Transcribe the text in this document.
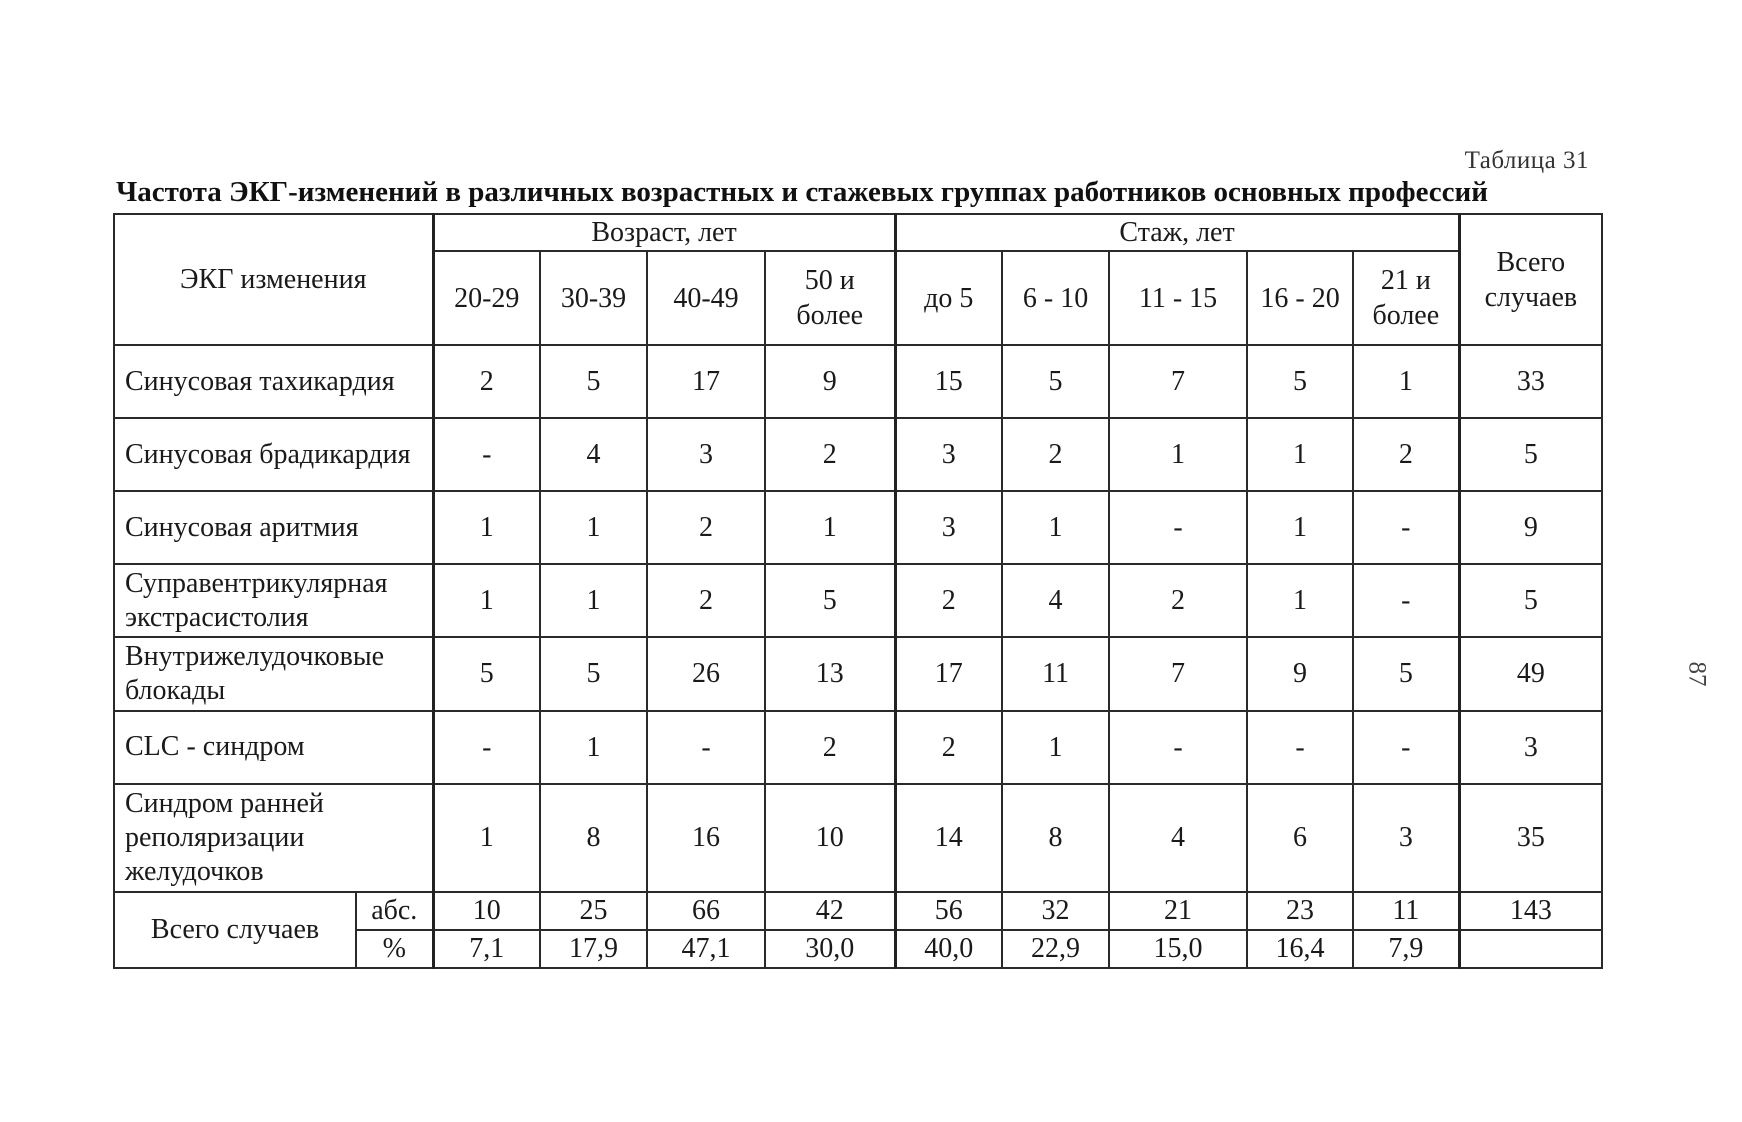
Таблица 31
Частота ЭКГ-изменений в различных возрастных и стажевых группах работников основных профессий
87
ЭКГ изменения		Возраст, лет				Стаж, лет					Всего случаев
		20-29	30-39	40-49	50 и более	до 5	6 - 10	11 - 15	16 - 20	21 и более	
Синусовая тахикардия		2	5	17	9	15	5	7	5	1	33
Синусовая брадикардия		-	4	3	2	3	2	1	1	2	5
Синусовая аритмия		1	1	2	1	3	1	-	1	-	9
Суправентрикулярная экстрасистолия		1	1	2	5	2	4	2	1	-	5
Внутрижелудочковые блокады		5	5	26	13	17	11	7	9	5	49
CLC - синдром		-	1	-	2	2	1	-	-	-	3
Синдром ранней реполяризации желудочков		1	8	16	10	14	8	4	6	3	35
Всего случаев	абс.	10	25	66	42	56	32	21	23	11	143
	%	7,1	17,9	47,1	30,0	40,0	22,9	15,0	16,4	7,9	
